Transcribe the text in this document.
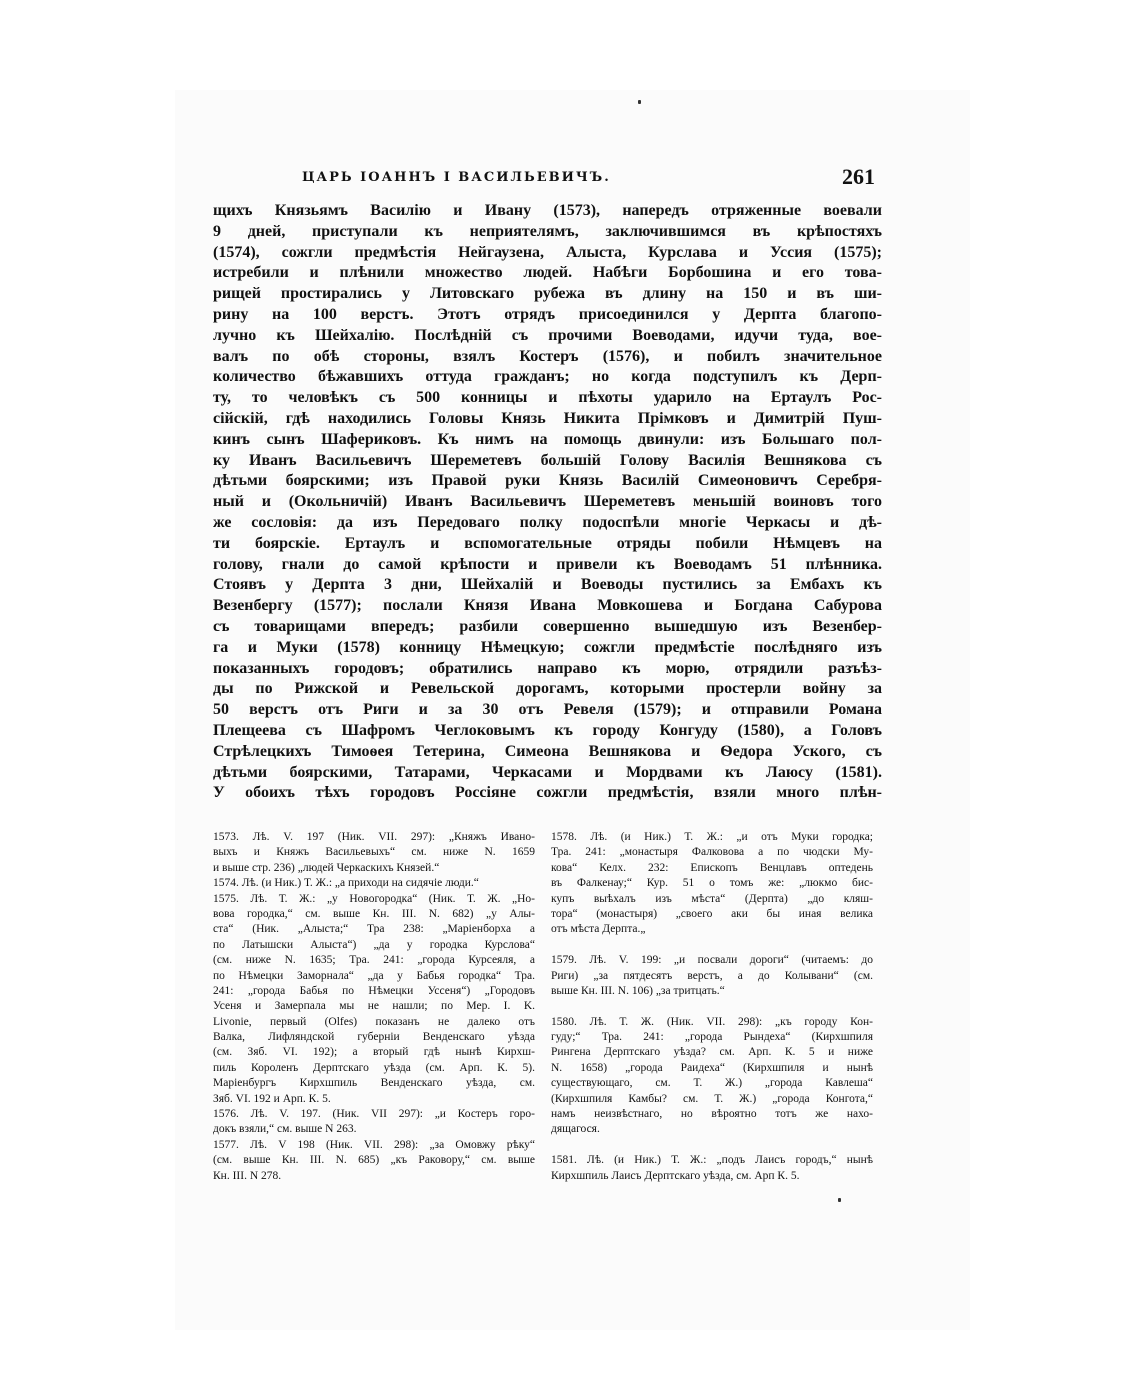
ЦАРЬ ІОАННЪ І ВАСИЛЬЕВИЧЪ.	261
щихъ Князьямъ Василію и Ивану (1573), напередъ отряженные воевали
9 дней, приступали къ неприятелямъ, заключившимся въ крѣпостяхъ
(1574), сожгли предмѣстія Нейгаузена, Алыста, Курслава и Уссия (1575);
истребили и плѣнили множество людей. Набѣги Борбошина и его това-
рищей простирались у Литовскаго рубежа въ длину на 150 и въ ши-
рину на 100 верстъ. Этотъ отрядъ присоединился у Дерпта благопо-
лучно къ Шейхалію. Послѣдній съ прочими Воеводами, идучи туда, вое-
валъ по обѣ стороны, взялъ Костеръ (1576), и побилъ значительное
количество бѣжавшихъ оттуда гражданъ; но когда подступилъ къ Дерп-
ту, то человѣкъ съ 500 конницы и пѣхоты ударило на Ертаулъ Рос-
сійскій, гдѣ находились Головы Князь Никита Прімковъ и Димитрій Пуш-
кинъ сынъ Шафериковъ. Къ нимъ на помощь двинули: изъ Большаго пол-
ку Иванъ Васильевичъ Шереметевъ большій Голову Василія Вешнякова съ
дѣтьми боярскими; изъ Правой руки Князь Василій Симеоновичъ Серебря-
ный и (Окольничій) Иванъ Васильевичъ Шереметевъ меньшій воиновъ того
же сословія: да изъ Передоваго полку подоспѣли многіе Черкасы и дѣ-
ти боярскіе. Ертаулъ и вспомогательные отряды побили Нѣмцевъ на
голову, гнали до самой крѣпости и привели къ Воеводамъ 51 плѣнника.
Стоявъ у Дерпта 3 дни, Шейхалій и Воеводы пустились за Ембахъ къ
Везенбергу (1577); послали Князя Ивана Мовкошева и Богдана Сабурова
съ товарищами впередъ; разбили совершенно вышедшую изъ Везенбер-
га и Муки (1578) конницу Нѣмецкую; сожгли предмѣстіе послѣдняго изъ
показанныхъ городовъ; обратились направо къ морю, отрядили разъѣз-
ды по Рижской и Ревельской дорогамъ, которыми простерли войну за
50 верстъ отъ Риги и за 30 отъ Ревеля (1579); и отправили Романа
Плещеева съ Шафромъ Чеглоковымъ къ городу Конгуду (1580), а Головъ
Стрѣлецкихъ Тимоѳея Тетерина, Симеона Вешнякова и Ѳедора Уского, съ
дѣтьми боярскими, Татарами, Черкасами и Мордвами къ Лаюсу (1581).
У обоихъ тѣхъ городовъ Россіяне сожгли предмѣстія, взяли много плѣн-
1573. Лѣ. V. 197 (Ник. VII. 297): „Княжъ Ивано-
выхъ и Княжъ Васильевыхъ“ см. ниже N. 1659
и выше стр. 236) „людей Черкаскихъ Князей.“
1574. Лѣ. (и Ник.) Т. Ж.: „а приходи на сидячіе люди.“
1575. Лѣ. Т. Ж.: „у Новогородка“ (Ник. Т. Ж. „Но-
вова городка,“ см. выше Кн. III. N. 682) „у Алы-
ста“ (Ник. „Алыста;“ Тра 238: „Маріенборха а
по Латышски Алыста“) „да у городка Курслова“
(см. ниже N. 1635; Тра. 241: „города Курсеяля, а
по Нѣмецки Заморнала“ „да у Бабья городка“ Тра.
241: „города Бабья по Нѣмецки Уссеня“) „Городовъ
Усеня и Замерпала мы не нашли; по Мер. I. K.
Livonie, первый (Olfes) показанъ не далеко отъ
Валка, Лифляндской губерніи Венденскаго уѣзда
(см. Зяб. VI. 192); а вторый гдѣ нынѣ Кирхш-
пиль Короленъ Дерптскаго уѣзда (см. Арп. К. 5).
Маріенбургъ Кирхшпиль Венденскаго уѣзда, см.
Зяб. VI. 192 и Арп. К. 5.
1576. Лѣ. V. 197. (Ник. VII 297): „и Костеръ горо-
докъ взяли,“ см. выше N 263.
1577. Лѣ. V 198 (Ник. VII. 298): „за Омовжу рѣку“
(см. выше Кн. III. N. 685) „къ Раковору,“ см. выше
Кн. III. N 278.
1578. Лѣ. (и Ник.) Т. Ж.: „и отъ Муки городка;
Тра. 241: „монастыря Фалковова а по чюдски Му-
кова“ Келх. 232: Епископъ Венцлавъ оптедень
въ Фалкенау;“ Кур. 51 о томъ же: „люкмо бис-
купъ выѣхалъ изъ мѣста“ (Дерпта) „до кляш-
тора“ (монастыря) „своего аки бы иная велика
отъ мѣста Дерпта.„
1579. Лѣ. V. 199: „и посвали дороги“ (читаемъ: до
Риги) „за пятдесятъ верстъ, а до Колывани“ (см.
выше Кн. III. N. 106) „за тритцать.“
1580. Лѣ. Т. Ж. (Ник. VII. 298): „къ городу Кон-
гуду;“ Тра. 241: „города Рындеха“ (Кирхшпиля
Рингена Дерптскаго уѣзда? см. Арп. К. 5 и ниже
N. 1658) „города Раидеха“ (Кирхшпиля и нынѣ
существующаго, см. Т. Ж.) „города Кавлеша“
(Кирхшпиля Камбы? см. Т. Ж.) „города Конгота,“
намъ неизвѣстнаго, но вѣроятно тотъ же нахо-
дящагося.
1581. Лѣ. (и Ник.) Т. Ж.: „подъ Лаисъ городъ,“ нынѣ
Кирхшпиль Лаисъ Дерптскаго уѣзда, см. Арп К. 5.
